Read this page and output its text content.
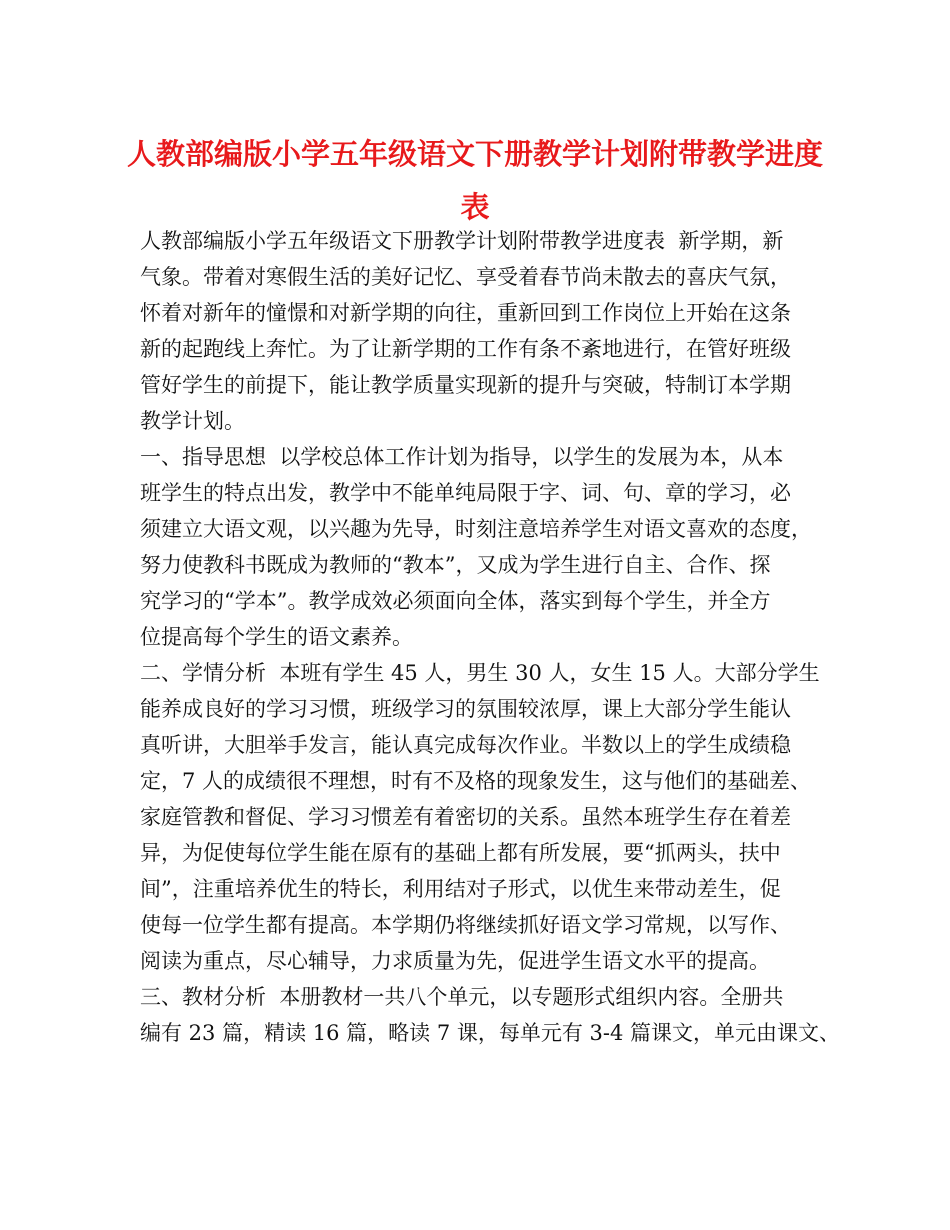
人教部编版小学五年级语文下册教学计划附带教学进度
表
人教部编版小学五年级语文下册教学计划附带教学进度表  新学期，新
气象。带着对寒假生活的美好记忆、享受着春节尚未散去的喜庆气氛，
怀着对新年的憧憬和对新学期的向往，重新回到工作岗位上开始在这条
新的起跑线上奔忙。为了让新学期的工作有条不紊地进行，在管好班级
管好学生的前提下，能让教学质量实现新的提升与突破，特制订本学期
教学计划。
一、指导思想  以学校总体工作计划为指导，以学生的发展为本，从本
班学生的特点出发，教学中不能单纯局限于字、词、句、章的学习，必
须建立大语文观，以兴趣为先导，时刻注意培养学生对语文喜欢的态度，
努力使教科书既成为教师的“教本”，又成为学生进行自主、合作、探
究学习的“学本”。教学成效必须面向全体，落实到每个学生，并全方
位提高每个学生的语文素养。
二、学情分析  本班有学生 45 人，男生 30 人，女生 15 人。大部分学生
能养成良好的学习习惯，班级学习的氛围较浓厚，课上大部分学生能认
真听讲，大胆举手发言，能认真完成每次作业。半数以上的学生成绩稳
定，7 人的成绩很不理想，时有不及格的现象发生，这与他们的基础差、
家庭管教和督促、学习习惯差有着密切的关系。虽然本班学生存在着差
异，为促使每位学生能在原有的基础上都有所发展，要“抓两头，扶中
间”，注重培养优生的特长，利用结对子形式，以优生来带动差生，促
使每一位学生都有提高。本学期仍将继续抓好语文学习常规，以写作、
阅读为重点，尽心辅导，力求质量为先，促进学生语文水平的提高。
三、教材分析  本册教材一共八个单元，以专题形式组织内容。全册共
编有 23 篇，精读 16 篇，略读 7 课，每单元有 3-4 篇课文，单元由课文、
